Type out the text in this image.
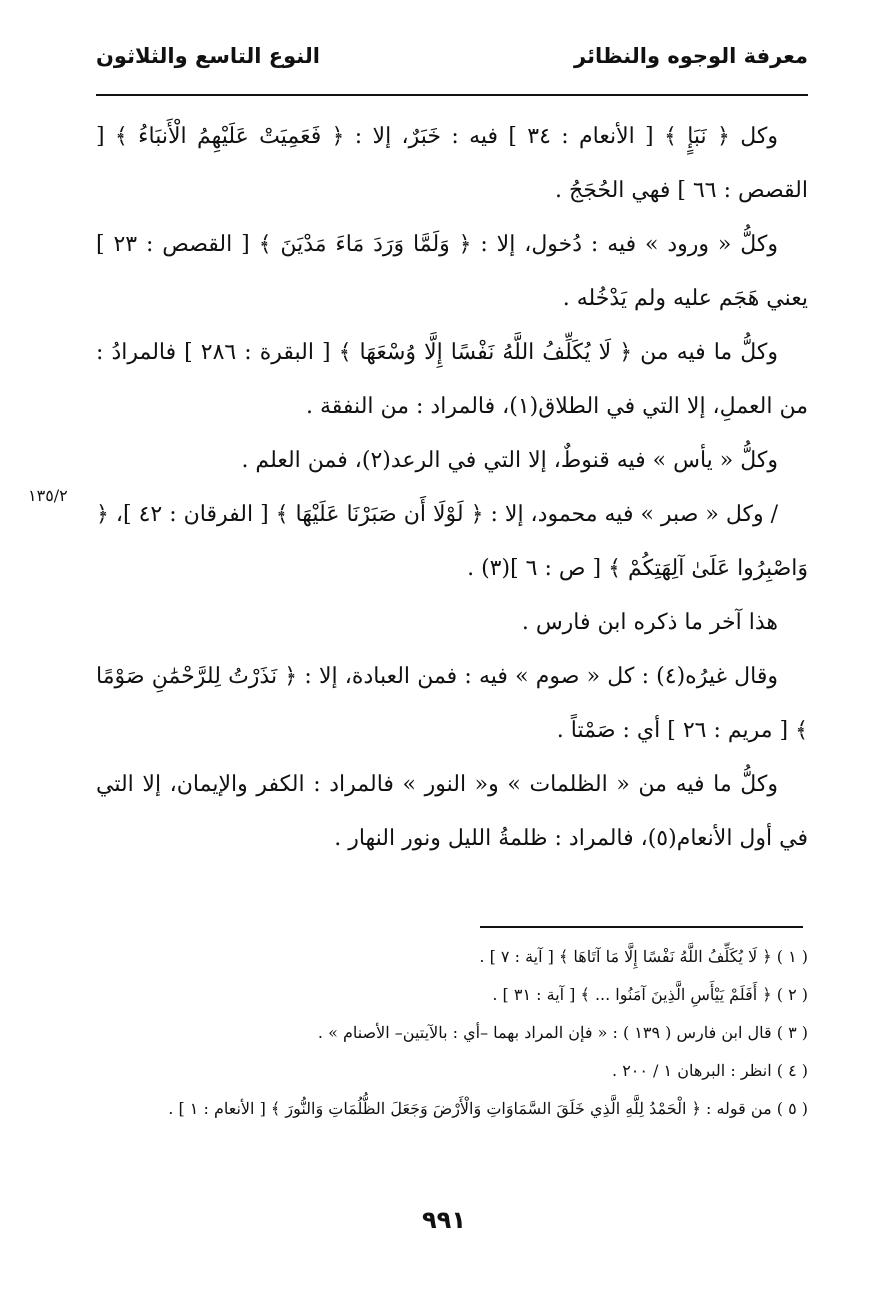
النوع التاسع والثلاثون	معرفة الوجوه والنظائر

وكل ﴿ نَبَإٍ ﴾ [ الأنعام : ٣٤ ] فيه : خَبَرٌ، إلا : ﴿ فَعَمِيَتْ عَلَيْهِمُ الْأَنبَاءُ ﴾ [ القصص : ٦٦ ] فهي الحُجَجُ .

وكلُّ « ورود » فيه : دُخول، إلا : ﴿ وَلَمَّا وَرَدَ مَاءَ مَدْيَنَ ﴾ [ القصص : ٢٣ ] يعني هَجَم عليه ولم يَدْخُله .

وكلُّ ما فيه من ﴿ لَا يُكَلِّفُ اللَّهُ نَفْسًا إِلَّا وُسْعَهَا ﴾ [ البقرة : ٢٨٦ ] فالمرادُ : من العملِ، إلا التي في الطلاق(١)، فالمراد : من النفقة .

وكلُّ « يأس » فيه قنوطٌ، إلا التي في الرعد(٢)، فمن العلم .

/ وكل « صبر » فيه محمود، إلا : ﴿ لَوْلَا أَن صَبَرْنَا عَلَيْهَا ﴾ [ الفرقان : ٤٢ ]، ﴿ وَاصْبِرُوا عَلَىٰ آلِهَتِكُمْ ﴾ [ ص : ٦ ](٣) .

هذا آخر ما ذكره ابن فارس .

وقال غيرُه(٤) : كل « صوم » فيه : فمن العبادة، إلا : ﴿ نَذَرْتُ لِلرَّحْمَٰنِ صَوْمًا ﴾ [ مريم : ٢٦ ] أي : صَمْتاً .

وكلُّ ما فيه من « الظلمات » و« النور » فالمراد : الكفر والإيمان، إلا التي في أول الأنعام(٥)، فالمراد : ظلمةُ الليل ونور النهار .

١٣٥/٢

( ١ ) ﴿ لَا يُكَلِّفُ اللَّهُ نَفْسًا إِلَّا مَا آتَاهَا ﴾ [ آية : ٧ ] .

( ٢ ) ﴿ أَفَلَمْ يَيْأَسِ الَّذِينَ آمَنُوا ... ﴾ [ آية : ٣١ ] .

( ٣ ) قال ابن فارس ( ١٣٩ ) : « فإن المراد بهما –أي : بالآيتين– الأصنام » .

( ٤ ) انظر : البرهان ١ / ٢٠٠ .

( ٥ ) من قوله : ﴿ الْحَمْدُ لِلَّهِ الَّذِي خَلَقَ السَّمَاوَاتِ وَالْأَرْضَ وَجَعَلَ الظُّلُمَاتِ وَالنُّورَ ﴾ [ الأنعام : ١ ] .

٩٩١
